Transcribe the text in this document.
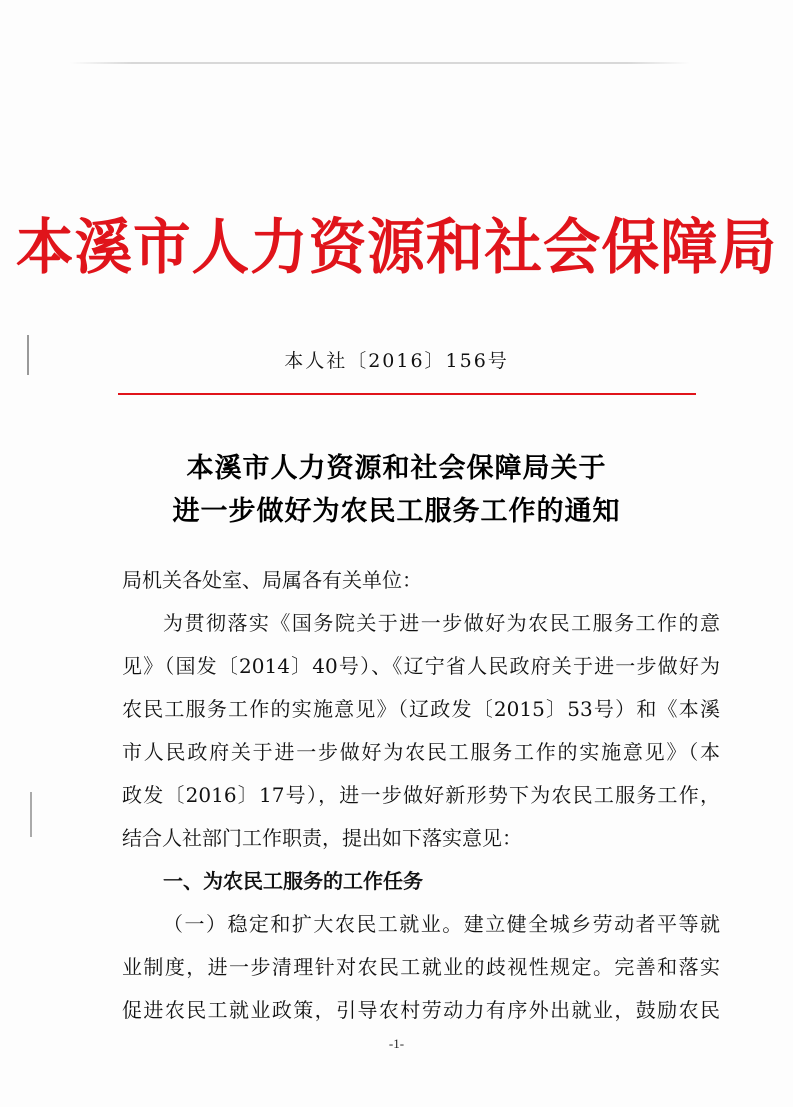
本溪市人力资源和社会保障局
本人社〔2016〕156号
本溪市人力资源和社会保障局关于
进一步做好为农民工服务工作的通知
局机关各处室、局属各有关单位：
为贯彻落实《国务院关于进一步做好为农民工服务工作的意
见》（国发〔2014〕40号）、《辽宁省人民政府关于进一步做好为
农民工服务工作的实施意见》（辽政发〔2015〕53号）和《本溪
市人民政府关于进一步做好为农民工服务工作的实施意见》（本
政发〔2016〕17号），进一步做好新形势下为农民工服务工作，
结合人社部门工作职责，提出如下落实意见：
一、为农民工服务的工作任务
（一）稳定和扩大农民工就业。建立健全城乡劳动者平等就
业制度，进一步清理针对农民工就业的歧视性规定。完善和落实
促进农民工就业政策，引导农村劳动力有序外出就业，鼓励农民
-1-
